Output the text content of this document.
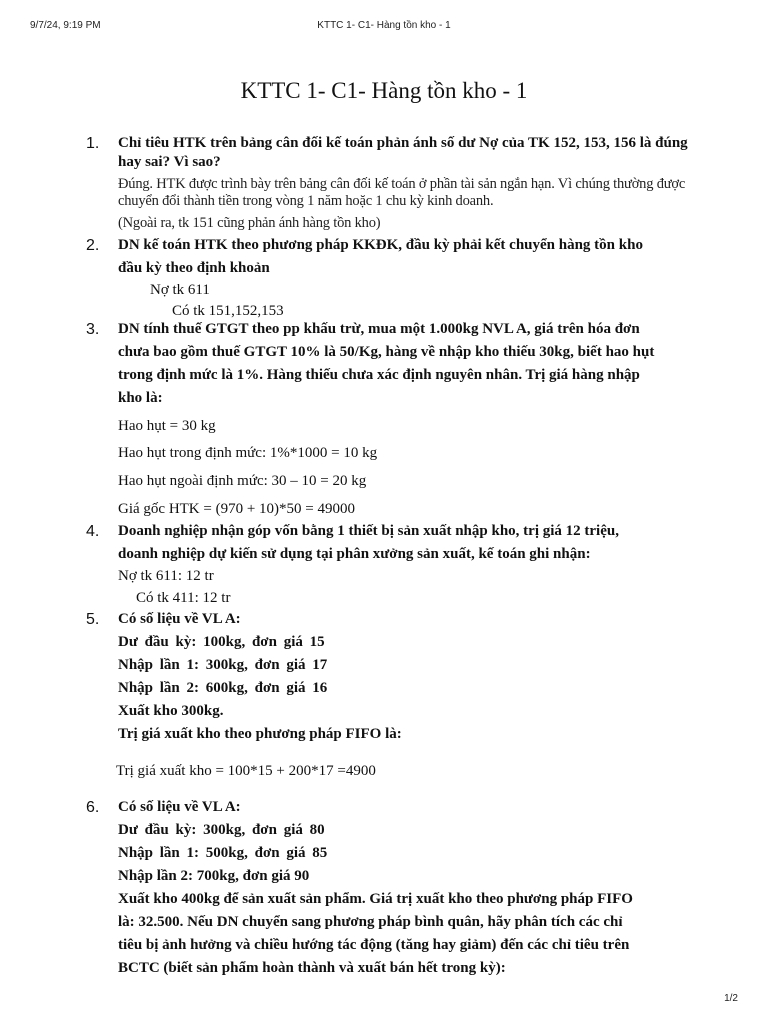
9/7/24, 9:19 PM	KTTC 1- C1- Hàng tồn kho - 1
KTTC 1- C1- Hàng tồn kho - 1
1. Chỉ tiêu HTK trên bảng cân đối kế toán phản ánh số dư Nợ của TK 152, 153, 156 là đúng
hay sai? Vì sao?
Đúng. HTK được trình bày trên bảng cân đối kế toán ở phần tài sản ngắn hạn. Vì chúng thường được
chuyển đổi thành tiền trong vòng 1 năm hoặc 1 chu kỳ kinh doanh.
(Ngoài ra, tk 151 cũng phản ánh hàng tồn kho)
2. DN kế toán HTK theo phương pháp KKĐK, đầu kỳ phải kết chuyển hàng tồn kho
đầu kỳ theo định khoản
Nợ tk 611
Có tk 151,152,153
3. DN tính thuế GTGT theo pp khấu trừ, mua một 1.000kg NVL A, giá trên hóa đơn
chưa bao gồm thuế GTGT 10% là 50/Kg, hàng về nhập kho thiếu 30kg, biết hao hụt
trong định mức là 1%. Hàng thiếu chưa xác định nguyên nhân. Trị giá hàng nhập
kho là:
Hao hụt = 30 kg
Hao hụt trong định mức: 1%*1000 = 10 kg
Hao hụt ngoài định mức: 30 – 10 = 20 kg
Giá gốc HTK = (970 + 10)*50 = 49000
4. Doanh nghiệp nhận góp vốn bằng 1 thiết bị sản xuất nhập kho, trị giá 12 triệu,
doanh nghiệp dự kiến sử dụng tại phân xưởng sản xuất, kế toán ghi nhận:
Nợ tk 611: 12 tr
Có tk 411: 12 tr
5. Có số liệu về VL A:
Dư đầu kỳ: 100kg, đơn giá 15
Nhập lần 1: 300kg, đơn giá 17
Nhập lần 2: 600kg, đơn giá 16
Xuất kho 300kg.
Trị giá xuất kho theo phương pháp FIFO là:
Trị giá xuất kho = 100*15 + 200*17 =4900
6. Có số liệu về VL A:
Dư đầu kỳ: 300kg, đơn giá 80
Nhập lần 1: 500kg, đơn giá 85
Nhập lần 2: 700kg, đơn giá 90
Xuất kho 400kg để sản xuất sản phẩm. Giá trị xuất kho theo phương pháp FIFO
là: 32.500. Nếu DN chuyển sang phương pháp bình quân, hãy phân tích các chỉ
tiêu bị ảnh hưởng và chiều hướng tác động (tăng hay giảm) đến các chỉ tiêu trên
BCTC (biết sản phẩm hoàn thành và xuất bán hết trong kỳ):
1/2
